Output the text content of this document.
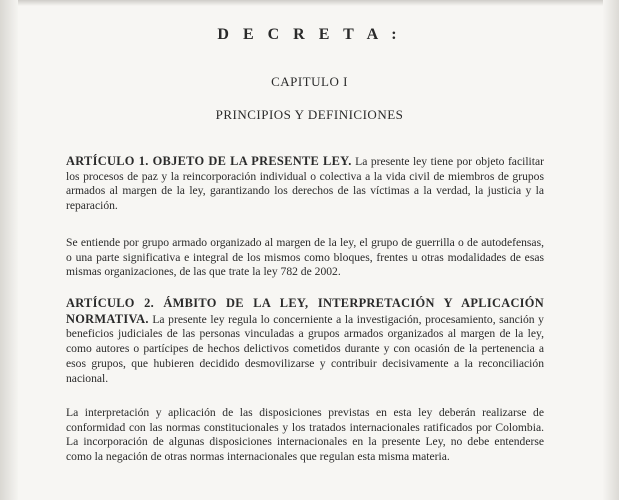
D E C R E T A :
CAPITULO I
PRINCIPIOS Y DEFINICIONES

ARTÍCULO 1. OBJETO DE LA PRESENTE LEY. La presente ley tiene por objeto facilitar los procesos de paz y la reincorporación individual o colectiva a la vida civil de miembros de grupos armados al margen de la ley, garantizando los derechos de las víctimas a la verdad, la justicia y la reparación.

Se entiende por grupo armado organizado al margen de la ley, el grupo de guerrilla o de autodefensas, o una parte significativa e integral de los mismos como bloques, frentes u otras modalidades de esas mismas organizaciones, de las que trate la ley 782 de 2002.

ARTÍCULO 2. ÁMBITO DE LA LEY, INTERPRETACIÓN Y APLICACIÓN NORMATIVA. La presente ley regula lo concerniente a la investigación, procesamiento, sanción y beneficios judiciales de las personas vinculadas a grupos armados organizados al margen de la ley, como autores o partícipes de hechos delictivos cometidos durante y con ocasión de la pertenencia a esos grupos, que hubieren decidido desmovilizarse y contribuir decisivamente a la reconciliación nacional.

La interpretación y aplicación de las disposiciones previstas en esta ley deberán realizarse de conformidad con las normas constitucionales y los tratados internacionales ratificados por Colombia. La incorporación de algunas disposiciones internacionales en la presente Ley, no debe entenderse como la negación de otras normas internacionales que regulan esta misma materia.
